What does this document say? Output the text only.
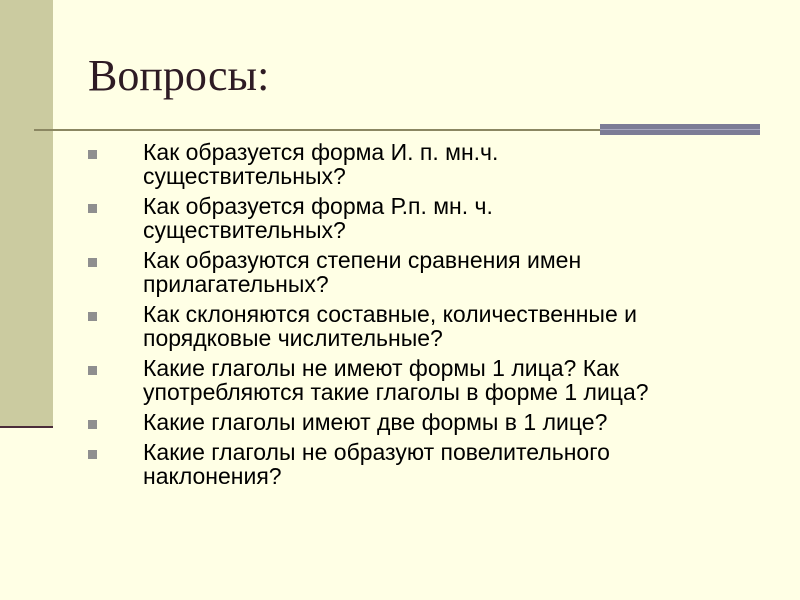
Вопросы:
Как образуется форма И. п. мн.ч.
существительных?
Как образуется форма Р.п. мн. ч.
существительных?
Как образуются степени сравнения имен
прилагательных?
Как склоняются составные, количественные и
порядковые числительные?
Какие глаголы не имеют формы 1 лица? Как
употребляются такие глаголы в форме 1 лица?
Какие глаголы имеют две формы в 1 лице?
Какие глаголы не образуют повелительного
наклонения?
